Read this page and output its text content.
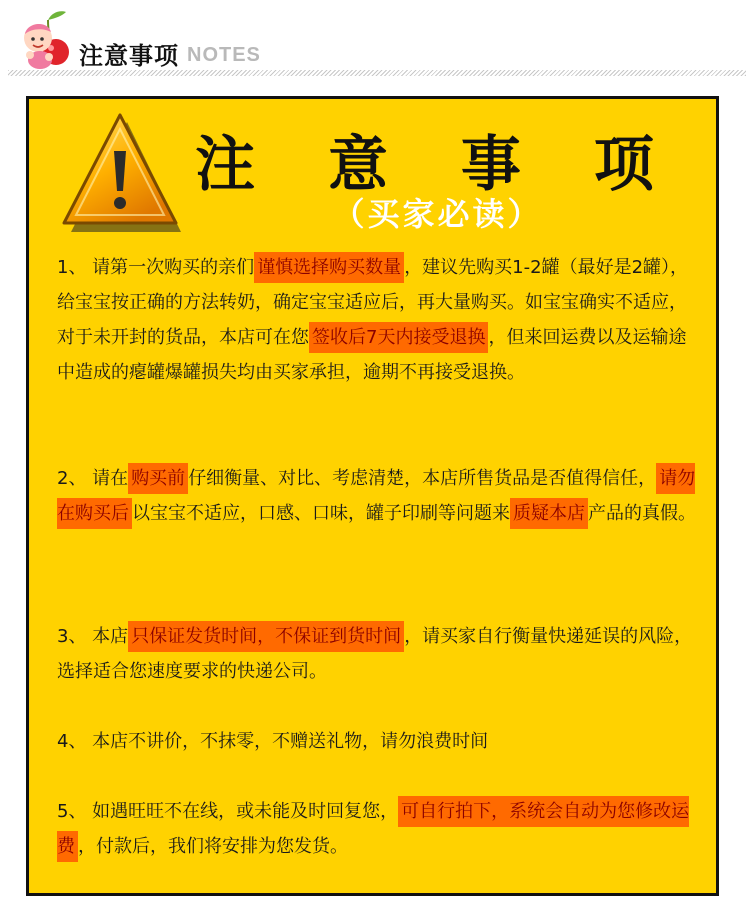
注意事项 NOTES
注 意 事 项
（买家必读）

1、 请第一次购买的亲们 谨慎选择购买数量 ，建议先购买1-2罐（最好是2罐），给宝宝按正确的方法转奶，确定宝宝适应后，再大量购买。如宝宝确实不适应，对于未开封的货品，本店可在您 签收后7天内接受退换 ，但来回运费以及运输途中造成的瘪罐爆罐损失均由买家承担，逾期不再接受退换。

2、 请在 购买前 仔细衡量、对比、考虑清楚，本店所售货品是否值得信任， 请勿在购买后 以宝宝不适应，口感、口味，罐子印刷等问题来 质疑本店 产品的真假。

3、 本店 只保证发货时间，不保证到货时间 ，请买家自行衡量快递延误的风险，选择适合您速度要求的快递公司。

4、 本店不讲价，不抹零，不赠送礼物，请勿浪费时间

5、 如遇旺旺不在线，或未能及时回复您， 可自行拍下，系统会自动为您修改运费 ，付款后，我们将安排为您发货。
